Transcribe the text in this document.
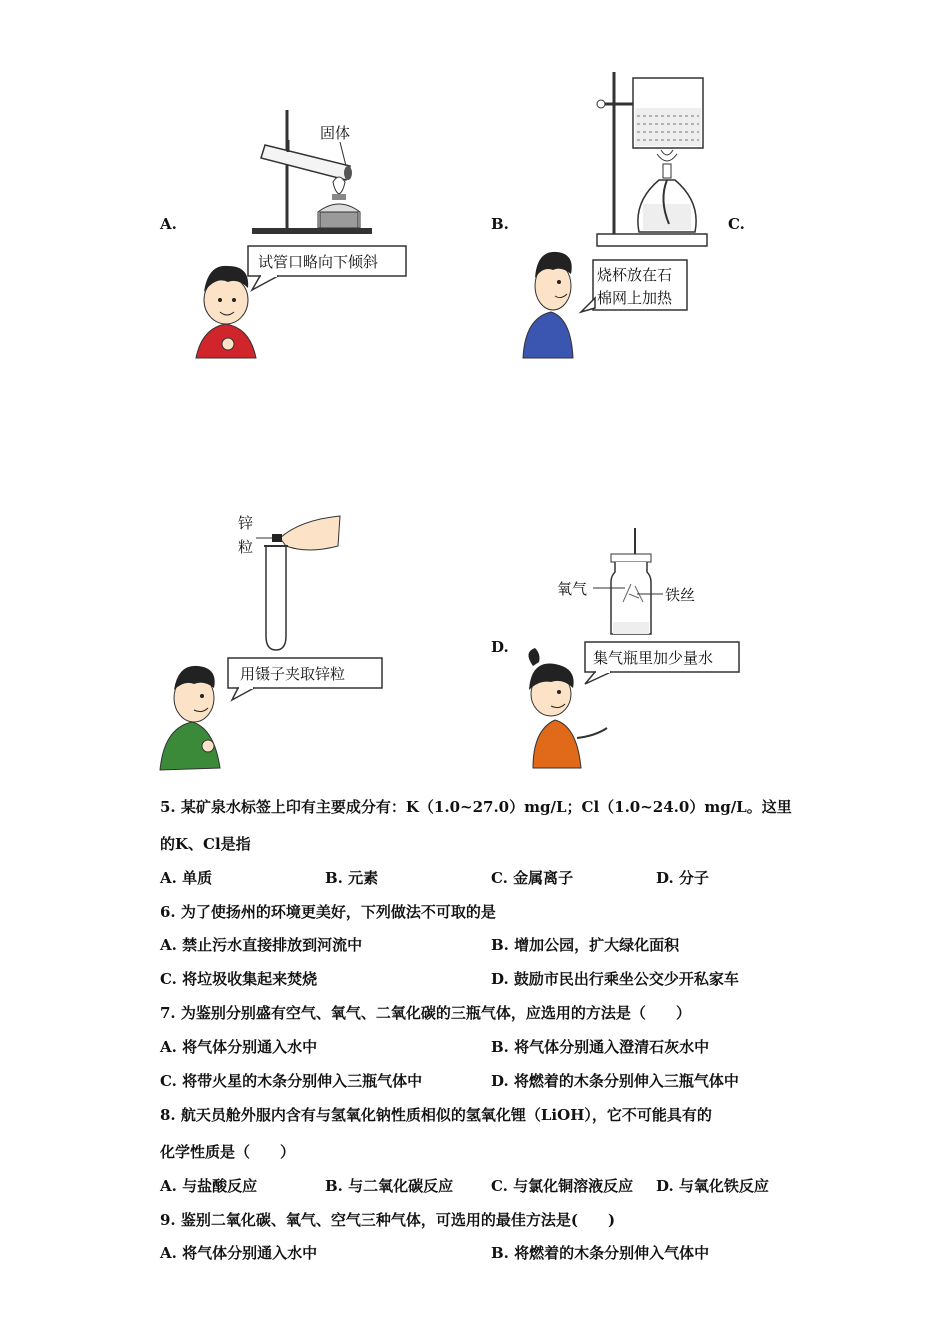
A.
固体
试管口略向下倾斜
B.	C.
烧杯放在石
棉网上加热
锌
粒
用镊子夹取锌粒
D.
氧气	铁丝
集气瓶里加少量水
5. 某矿泉水标签上印有主要成分有：K（1.0~27.0）mg/L；Cl（1.0~24.0）mg/L。这里
的K、Cl是指
A. 单质	B. 元素	C. 金属离子	D. 分子
6. 为了使扬州的环境更美好，下列做法不可取的是
A. 禁止污水直接排放到河流中	B. 增加公园，扩大绿化面积
C. 将垃圾收集起来焚烧	D. 鼓励市民出行乘坐公交少开私家车
7. 为鉴别分别盛有空气、氧气、二氧化碳的三瓶气体，应选用的方法是（　　）
A. 将气体分别通入水中	B. 将气体分别通入澄清石灰水中
C. 将带火星的木条分别伸入三瓶气体中	D. 将燃着的木条分别伸入三瓶气体中
8. 航天员舱外服内含有与氢氧化钠性质相似的氢氧化锂（LiOH），它不可能具有的
化学性质是（　　）
A. 与盐酸反应	B. 与二氧化碳反应	C. 与氯化铜溶液反应 D. 与氧化铁反应
9. 鉴别二氧化碳、氧气、空气三种气体，可选用的最佳方法是(　　)
A. 将气体分别通入水中	B. 将燃着的木条分别伸入气体中
